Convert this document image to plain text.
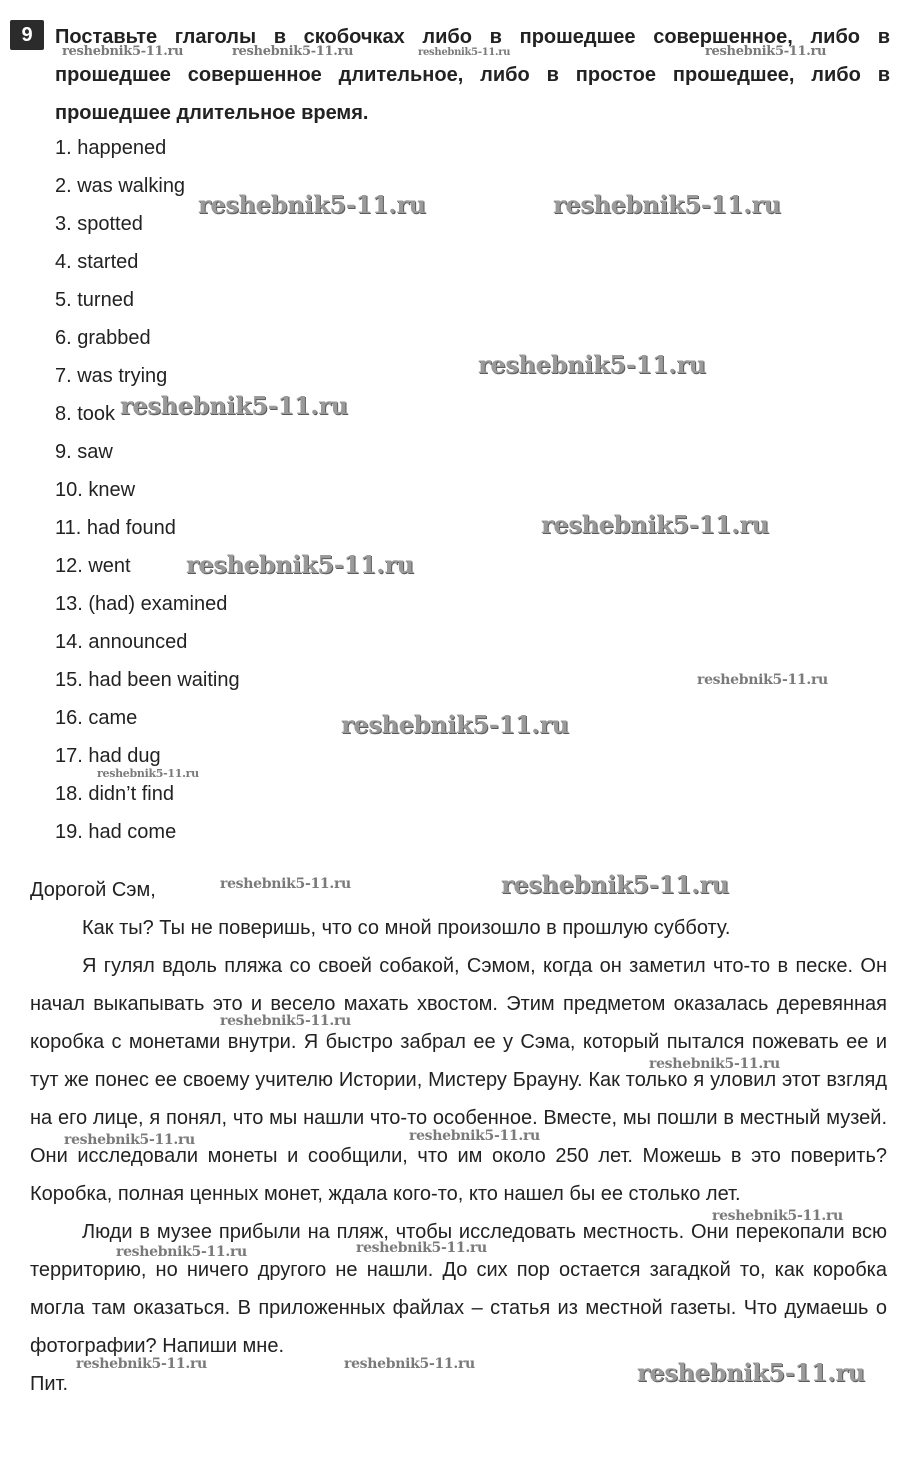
9	Поставьте глаголы в скобочках либо в прошедшее совершенное, либо в прошедшее совершенное длительное, либо в простое прошедшее, либо в прошедшее длительное время.

1. happened
2. was walking
3. spotted
4. started
5. turned
6. grabbed
7. was trying
8. took
9. saw
10. knew
11. had found
12. went
13. (had) examined
14. announced
15. had been waiting
16. came
17. had dug
18. didn’t find
19. had come

Дорогой Сэм,

Как ты? Ты не поверишь, что со мной произошло в прошлую субботу.

Я гулял вдоль пляжа со своей собакой, Сэмом, когда он заметил что-то в песке. Он начал выкапывать это и весело махать хвостом. Этим предметом оказалась деревянная коробка с монетами внутри. Я быстро забрал ее у Сэма, который пытался пожевать ее и тут же понес ее своему учителю Истории, Мистеру Брауну. Как только я уловил этот взгляд на его лице, я понял, что мы нашли что-то особенное. Вместе, мы пошли в местный музей. Они исследовали монеты и сообщили, что им около 250 лет. Можешь в это поверить? Коробка, полная ценных монет, ждала кого-то, кто нашел бы ее столько лет.

Люди в музее прибыли на пляж, чтобы исследовать местность. Они перекопали всю территорию, но ничего другого не нашли. До сих пор остается загадкой то, как коробка могла там оказаться. В приложенных файлах – статья из местной газеты. Что думаешь о фотографии? Напиши мне.

Пит.

reshebnik5-11.ru	reshebnik5-11.ru	reshebnik5-11.ru	reshebnik5-11.ru
reshebnik5-11.ru	reshebnik5-11.ru
reshebnik5-11.ru
reshebnik5-11.ru
reshebnik5-11.ru
reshebnik5-11.ru
reshebnik5-11.ru
reshebnik5-11.ru
reshebnik5-11.ru
reshebnik5-11.ru	reshebnik5-11.ru
reshebnik5-11.ru
reshebnik5-11.ru
reshebnik5-11.ru	reshebnik5-11.ru
reshebnik5-11.ru
reshebnik5-11.ru	reshebnik5-11.ru
reshebnik5-11.ru	reshebnik5-11.ru	reshebnik5-11.ru
